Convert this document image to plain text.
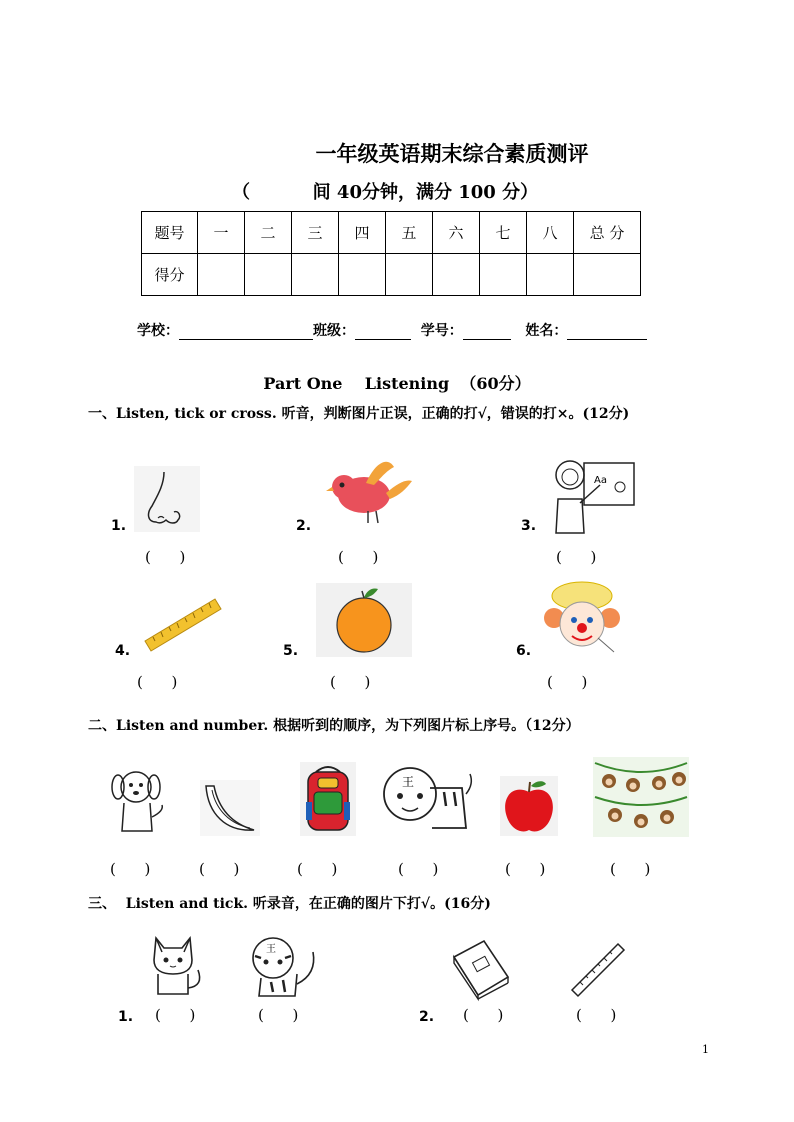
一年级英语期末综合素质测评
（          间 40分钟，满分 100 分）
题号	一	二	三	四	五	六	七	八	总 分
得分									
学校：	班级：	学号：	姓名：
Part One    Listening  （60分）
一、Listen, tick or cross. 听音，判断图片正误，正确的打√，错误的打×。(12分)
1.
(      )
2.
(      )
Aa
3.
(      )
4.
(      )
5.
(      )
6.
(      )
二、Listen and number. 根据听到的顺序，为下列图片标上序号。（12分）
(      )	(      )	(      )
王
(      )	(      )	(      )
三、  Listen and tick. 听录音，在正确的图片下打√。(16分)
1. (      )
王
(      )	2. (      )	(      )
1
